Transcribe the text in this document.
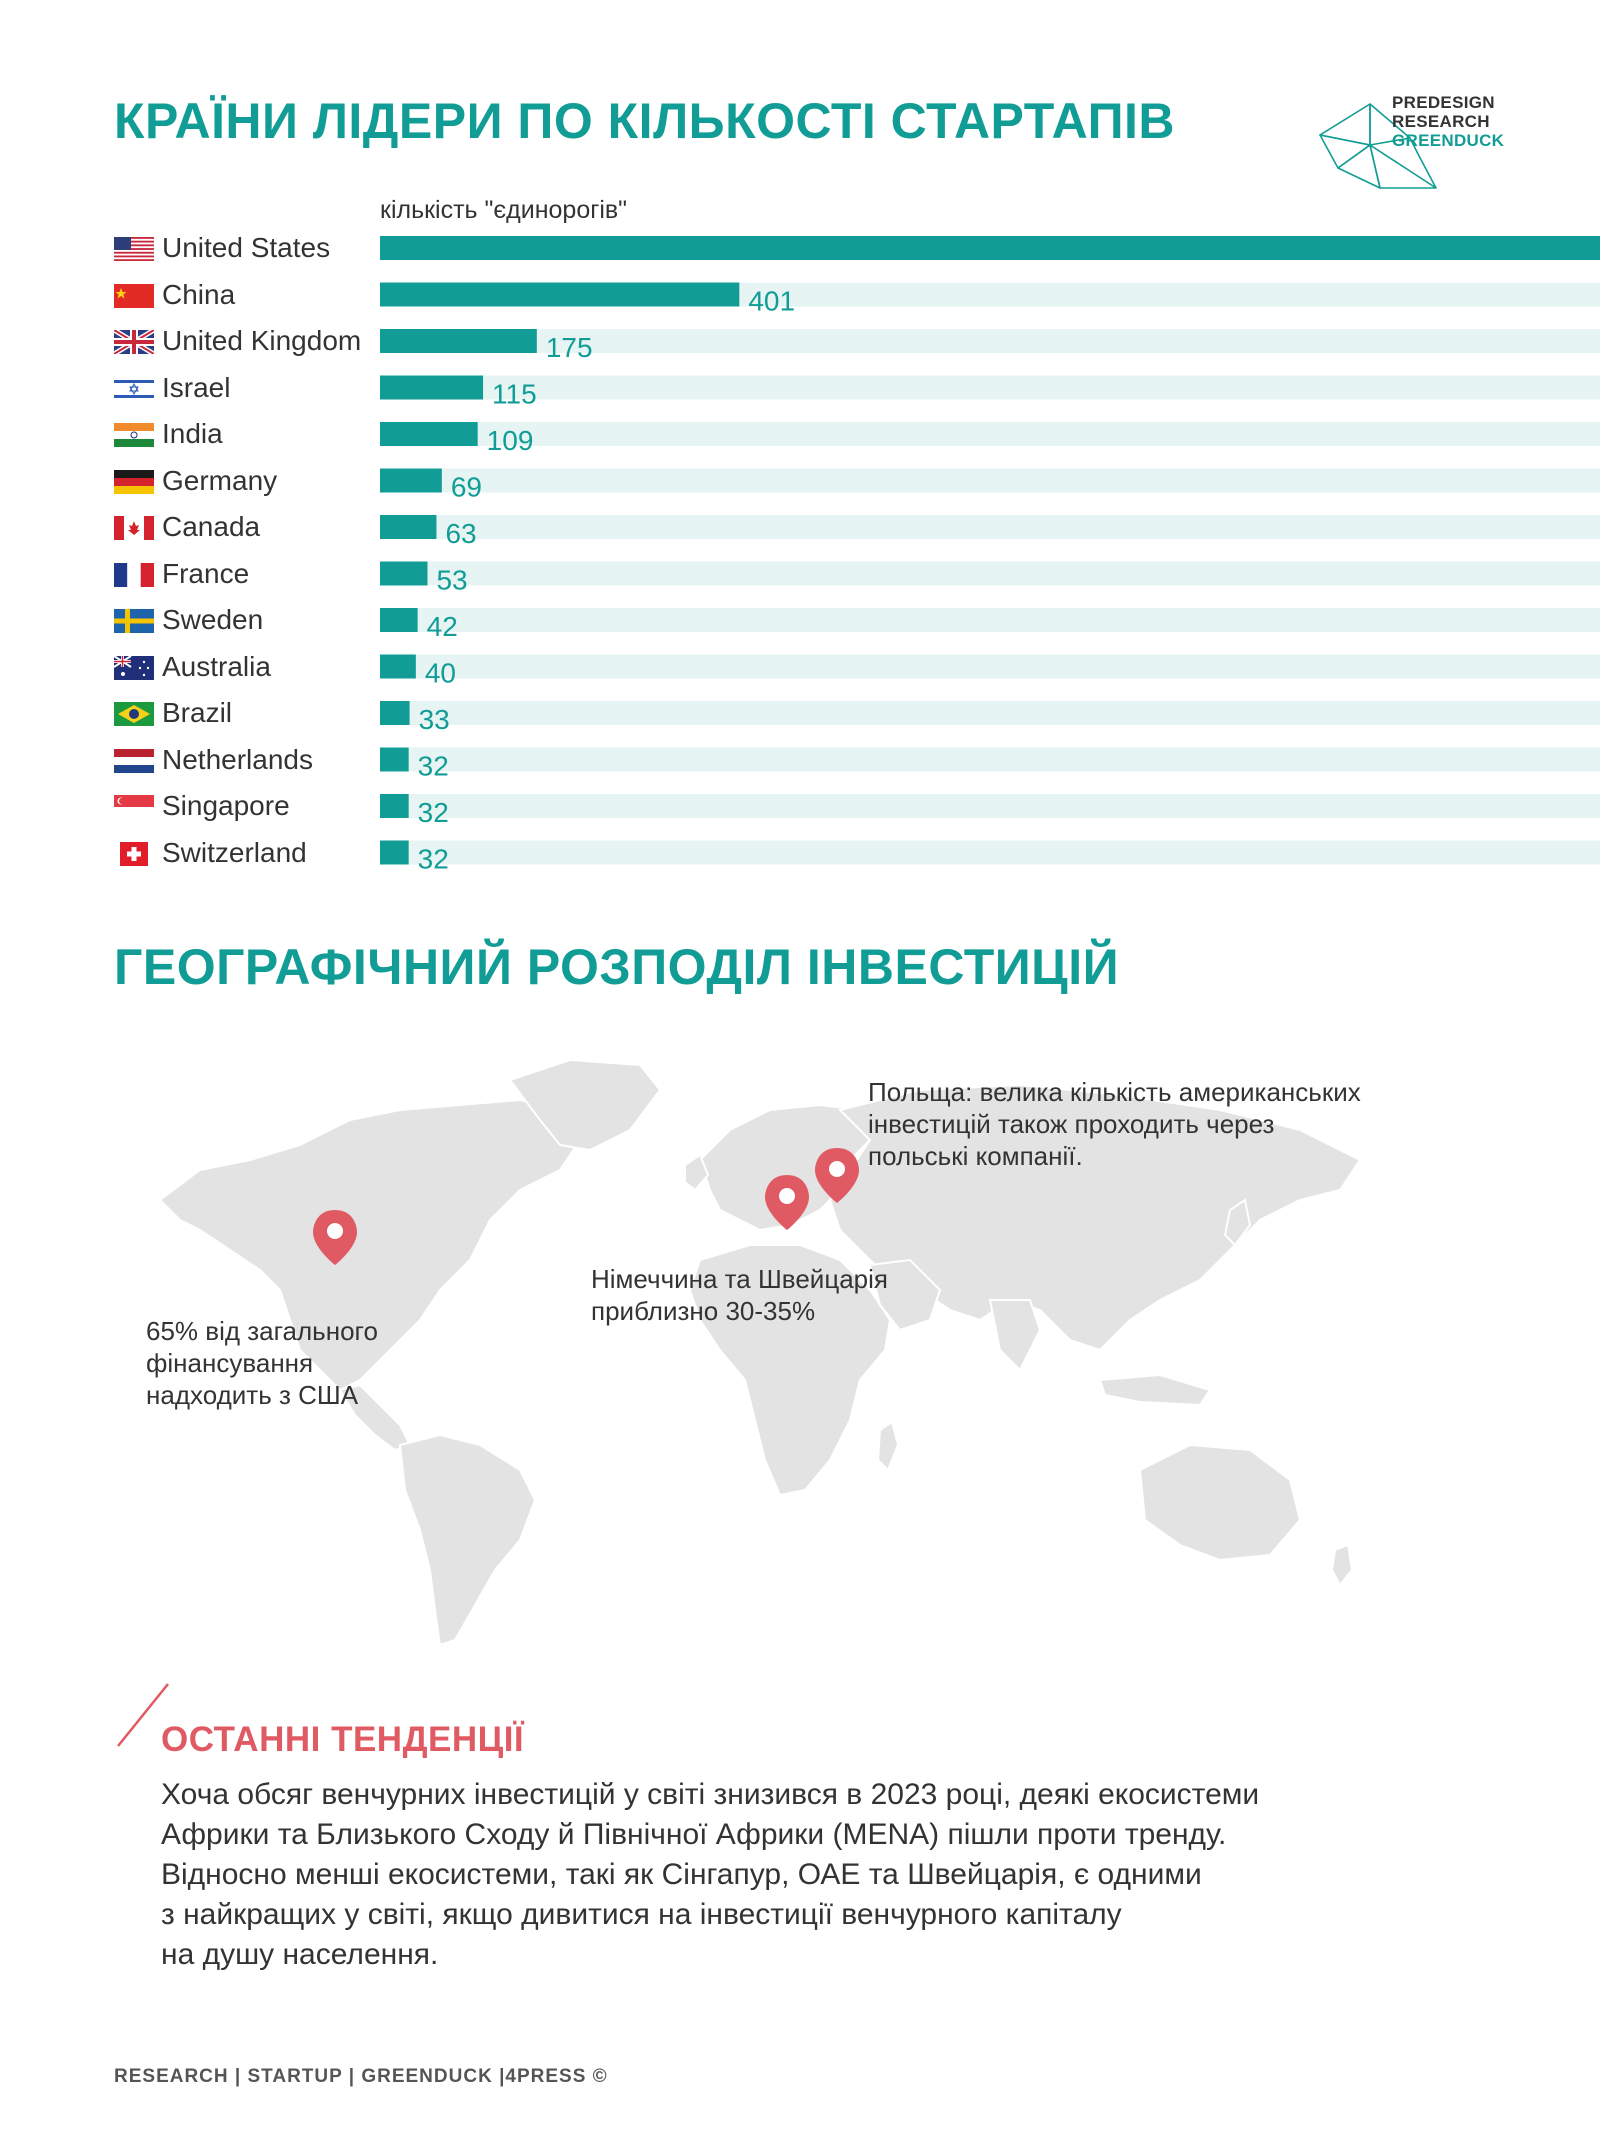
КРАЇНИ ЛІДЕРИ ПО КІЛЬКОСТІ СТАРТАПІВ	PREDESIGN
RESEARCH
GREENDUCK
кількість "єдинорогів"
401
175
115
109
69
63
53
42
40
33
32
32
32
United States
China
United Kingdom
Israel
India
Germany
Canada
France
Sweden
Australia
Brazil
Netherlands
Singapore
Switzerland
ГЕОГРАФІЧНИЙ РОЗПОДІЛ ІНВЕСТИЦІЙ
65% від загального
фінансування
надходить з США
Німеччина та Швейцарія
приблизно 30-35%
Польща: велика кількість американських
інвестицій також проходить через
польські компанії.
ОСТАННІ ТЕНДЕНЦІЇ
Хоча обсяг венчурних інвестицій у світі знизився в 2023 році, деякі екосистеми
Африки та Близького Сходу й Північної Африки (MENA) пішли проти тренду.
Відносно менші екосистеми, такі як Сінгапур, ОАЕ та Швейцарія, є одними
з найкращих у світі, якщо дивитися на інвестиції венчурного капіталу
на душу населення.
RESEARCH | STARTUP | GREENDUCK |4PRESS ©
